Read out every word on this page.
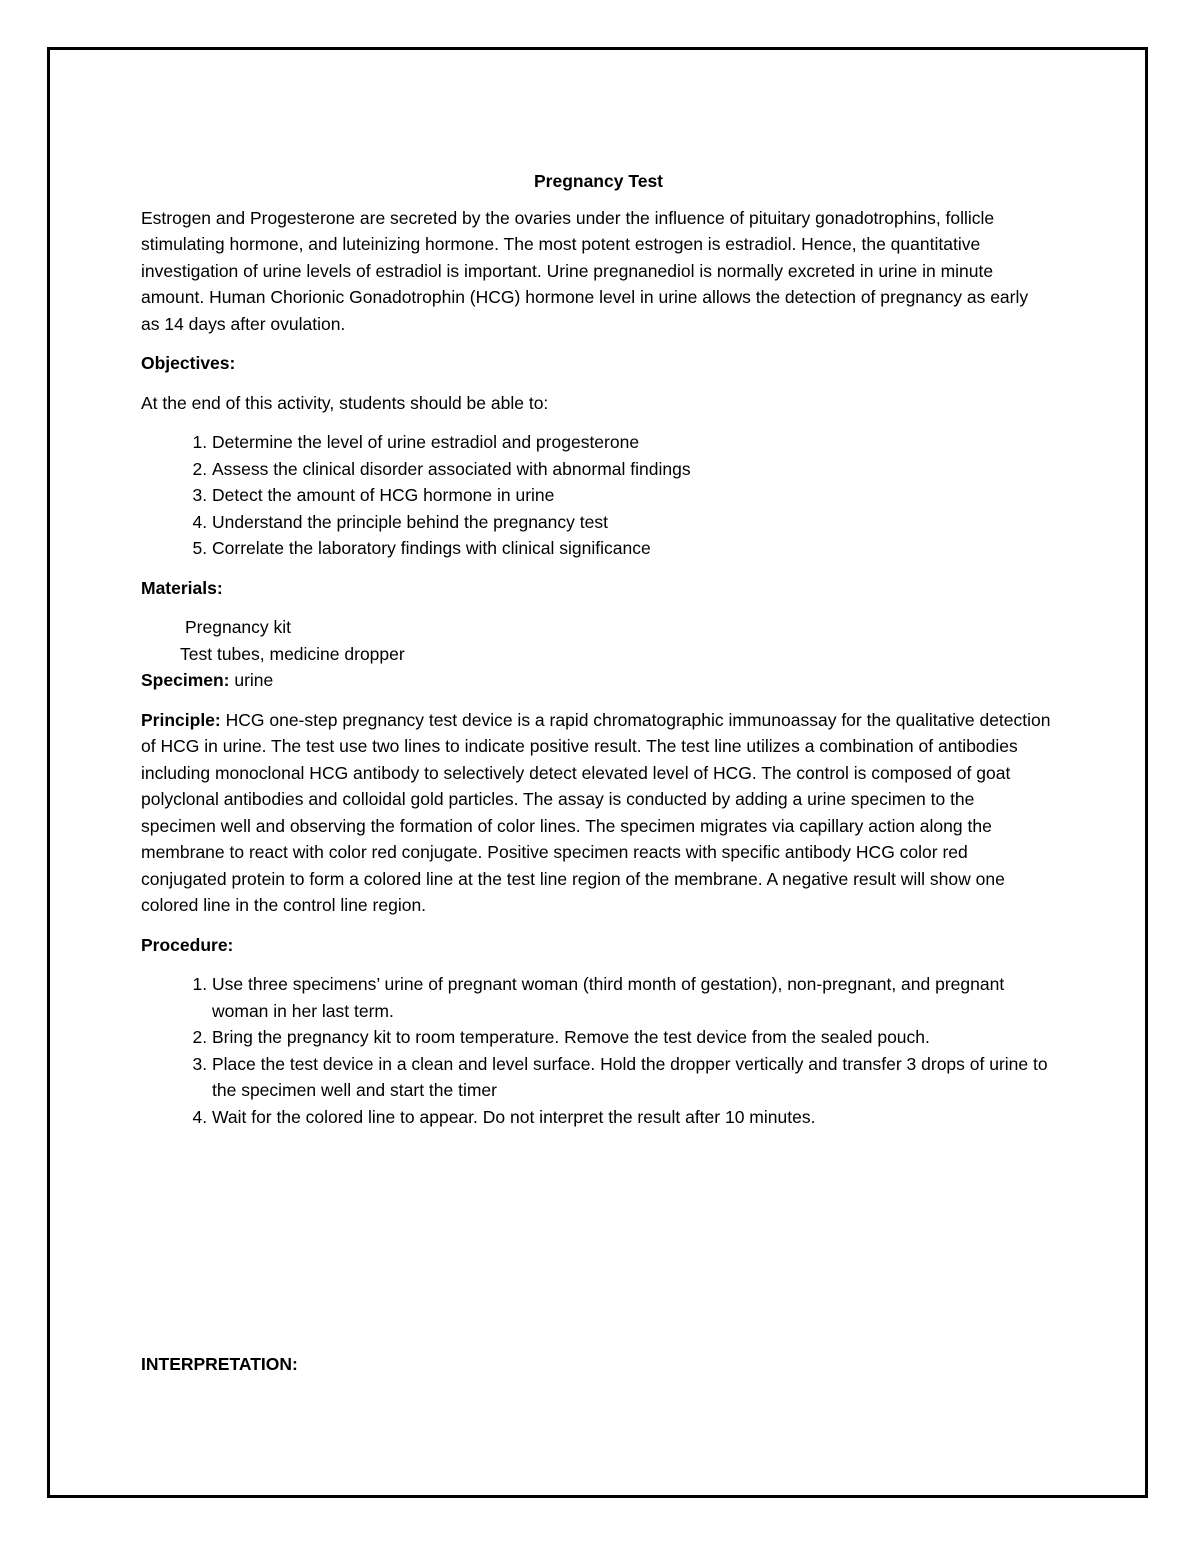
Pregnancy Test

Estrogen and Progesterone are secreted by the ovaries under the influence of pituitary gonadotrophins, follicle stimulating hormone, and luteinizing hormone. The most potent estrogen is estradiol. Hence, the quantitative investigation of urine levels of estradiol is important. Urine pregnanediol is normally excreted in urine in minute amount. Human Chorionic Gonadotrophin (HCG) hormone level in urine allows the detection of pregnancy as early as 14 days after ovulation.

Objectives:

At the end of this activity, students should be able to:

1. Determine the level of urine estradiol and progesterone
2. Assess the clinical disorder associated with abnormal findings
3. Detect the amount of HCG hormone in urine
4. Understand the principle behind the pregnancy test
5. Correlate the laboratory findings with clinical significance

Materials:

Pregnancy kit
Test tubes, medicine dropper

Specimen: urine

Principle: HCG one-step pregnancy test device is a rapid chromatographic immunoassay for the qualitative detection of HCG in urine. The test use two lines to indicate positive result. The test line utilizes a combination of antibodies including monoclonal HCG antibody to selectively detect elevated level of HCG. The control is composed of goat polyclonal antibodies and colloidal gold particles. The assay is conducted by adding a urine specimen to the specimen well and observing the formation of color lines. The specimen migrates via capillary action along the membrane to react with color red conjugate. Positive specimen reacts with specific antibody HCG color red conjugated protein to form a colored line at the test line region of the membrane. A negative result will show one colored line in the control line region.

Procedure:

1. Use three specimens’ urine of pregnant woman (third month of gestation), non-pregnant, and pregnant woman in her last term.
2. Bring the pregnancy kit to room temperature. Remove the test device from the sealed pouch.
3. Place the test device in a clean and level surface. Hold the dropper vertically and transfer 3 drops of urine to the specimen well and start the timer
4. Wait for the colored line to appear. Do not interpret the result after 10 minutes.

INTERPRETATION:
